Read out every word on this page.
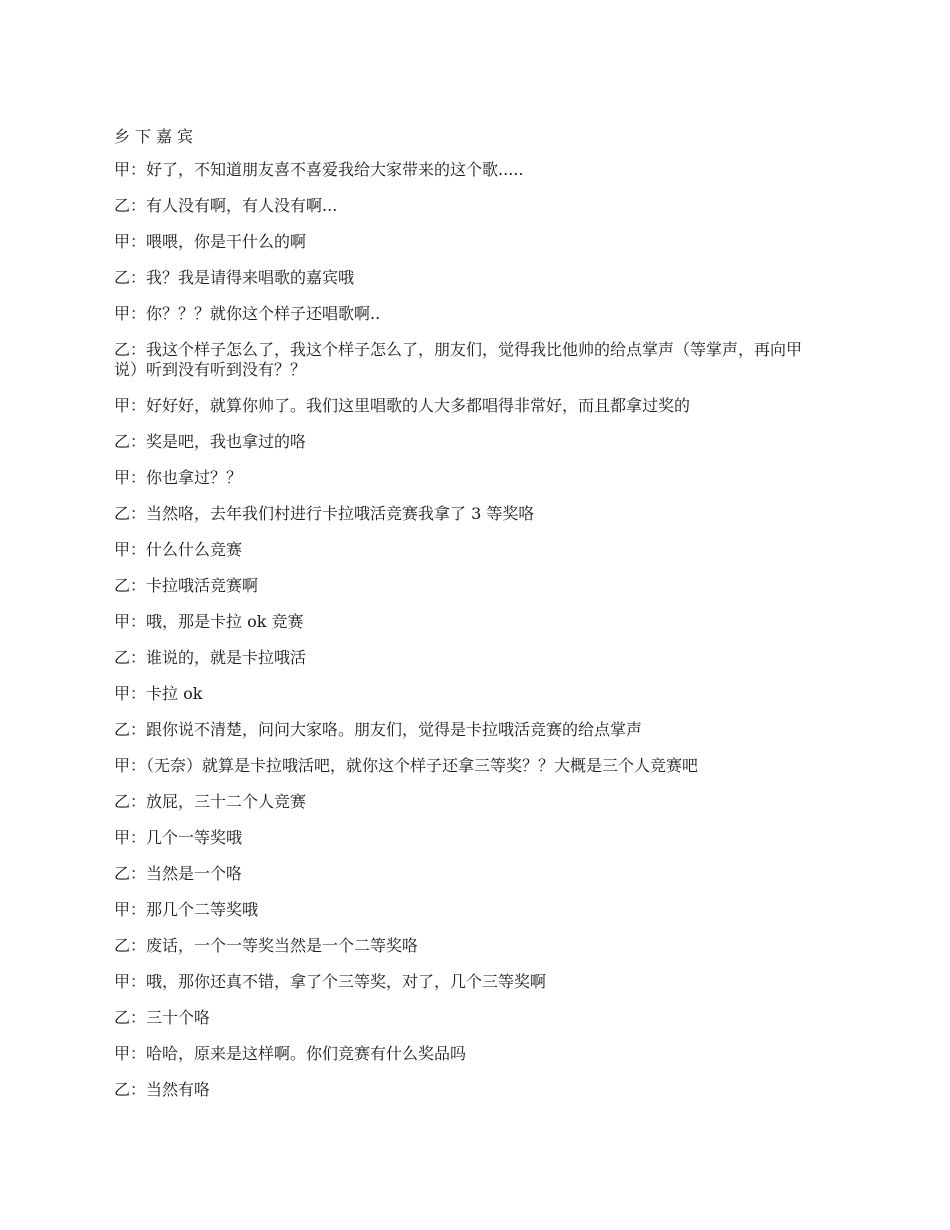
乡下嘉宾
甲：好了，不知道朋友喜不喜爱我给大家带来的这个歌.....
乙：有人没有啊，有人没有啊...
甲：喂喂，你是干什么的啊
乙：我？我是请得来唱歌的嘉宾哦
甲：你？？？就你这个样子还唱歌啊..
乙：我这个样子怎么了，我这个样子怎么了，朋友们，觉得我比他帅的给点掌声（等掌声，再向甲说）听到没有听到没有？？
甲：好好好，就算你帅了。我们这里唱歌的人大多都唱得非常好，而且都拿过奖的
乙：奖是吧，我也拿过的咯
甲：你也拿过？？
乙：当然咯，去年我们村进行卡拉哦活竞赛我拿了 3 等奖咯
甲：什么什么竞赛
乙：卡拉哦活竞赛啊
甲：哦，那是卡拉 ok 竞赛
乙：谁说的，就是卡拉哦活
甲：卡拉 ok
乙：跟你说不清楚，问问大家咯。朋友们，觉得是卡拉哦活竞赛的给点掌声
甲：（无奈）就算是卡拉哦活吧，就你这个样子还拿三等奖？？大概是三个人竞赛吧
乙：放屁，三十二个人竞赛
甲：几个一等奖哦
乙：当然是一个咯
甲：那几个二等奖哦
乙：废话，一个一等奖当然是一个二等奖咯
甲：哦，那你还真不错，拿了个三等奖，对了，几个三等奖啊
乙：三十个咯
甲：哈哈，原来是这样啊。你们竞赛有什么奖品吗
乙：当然有咯
